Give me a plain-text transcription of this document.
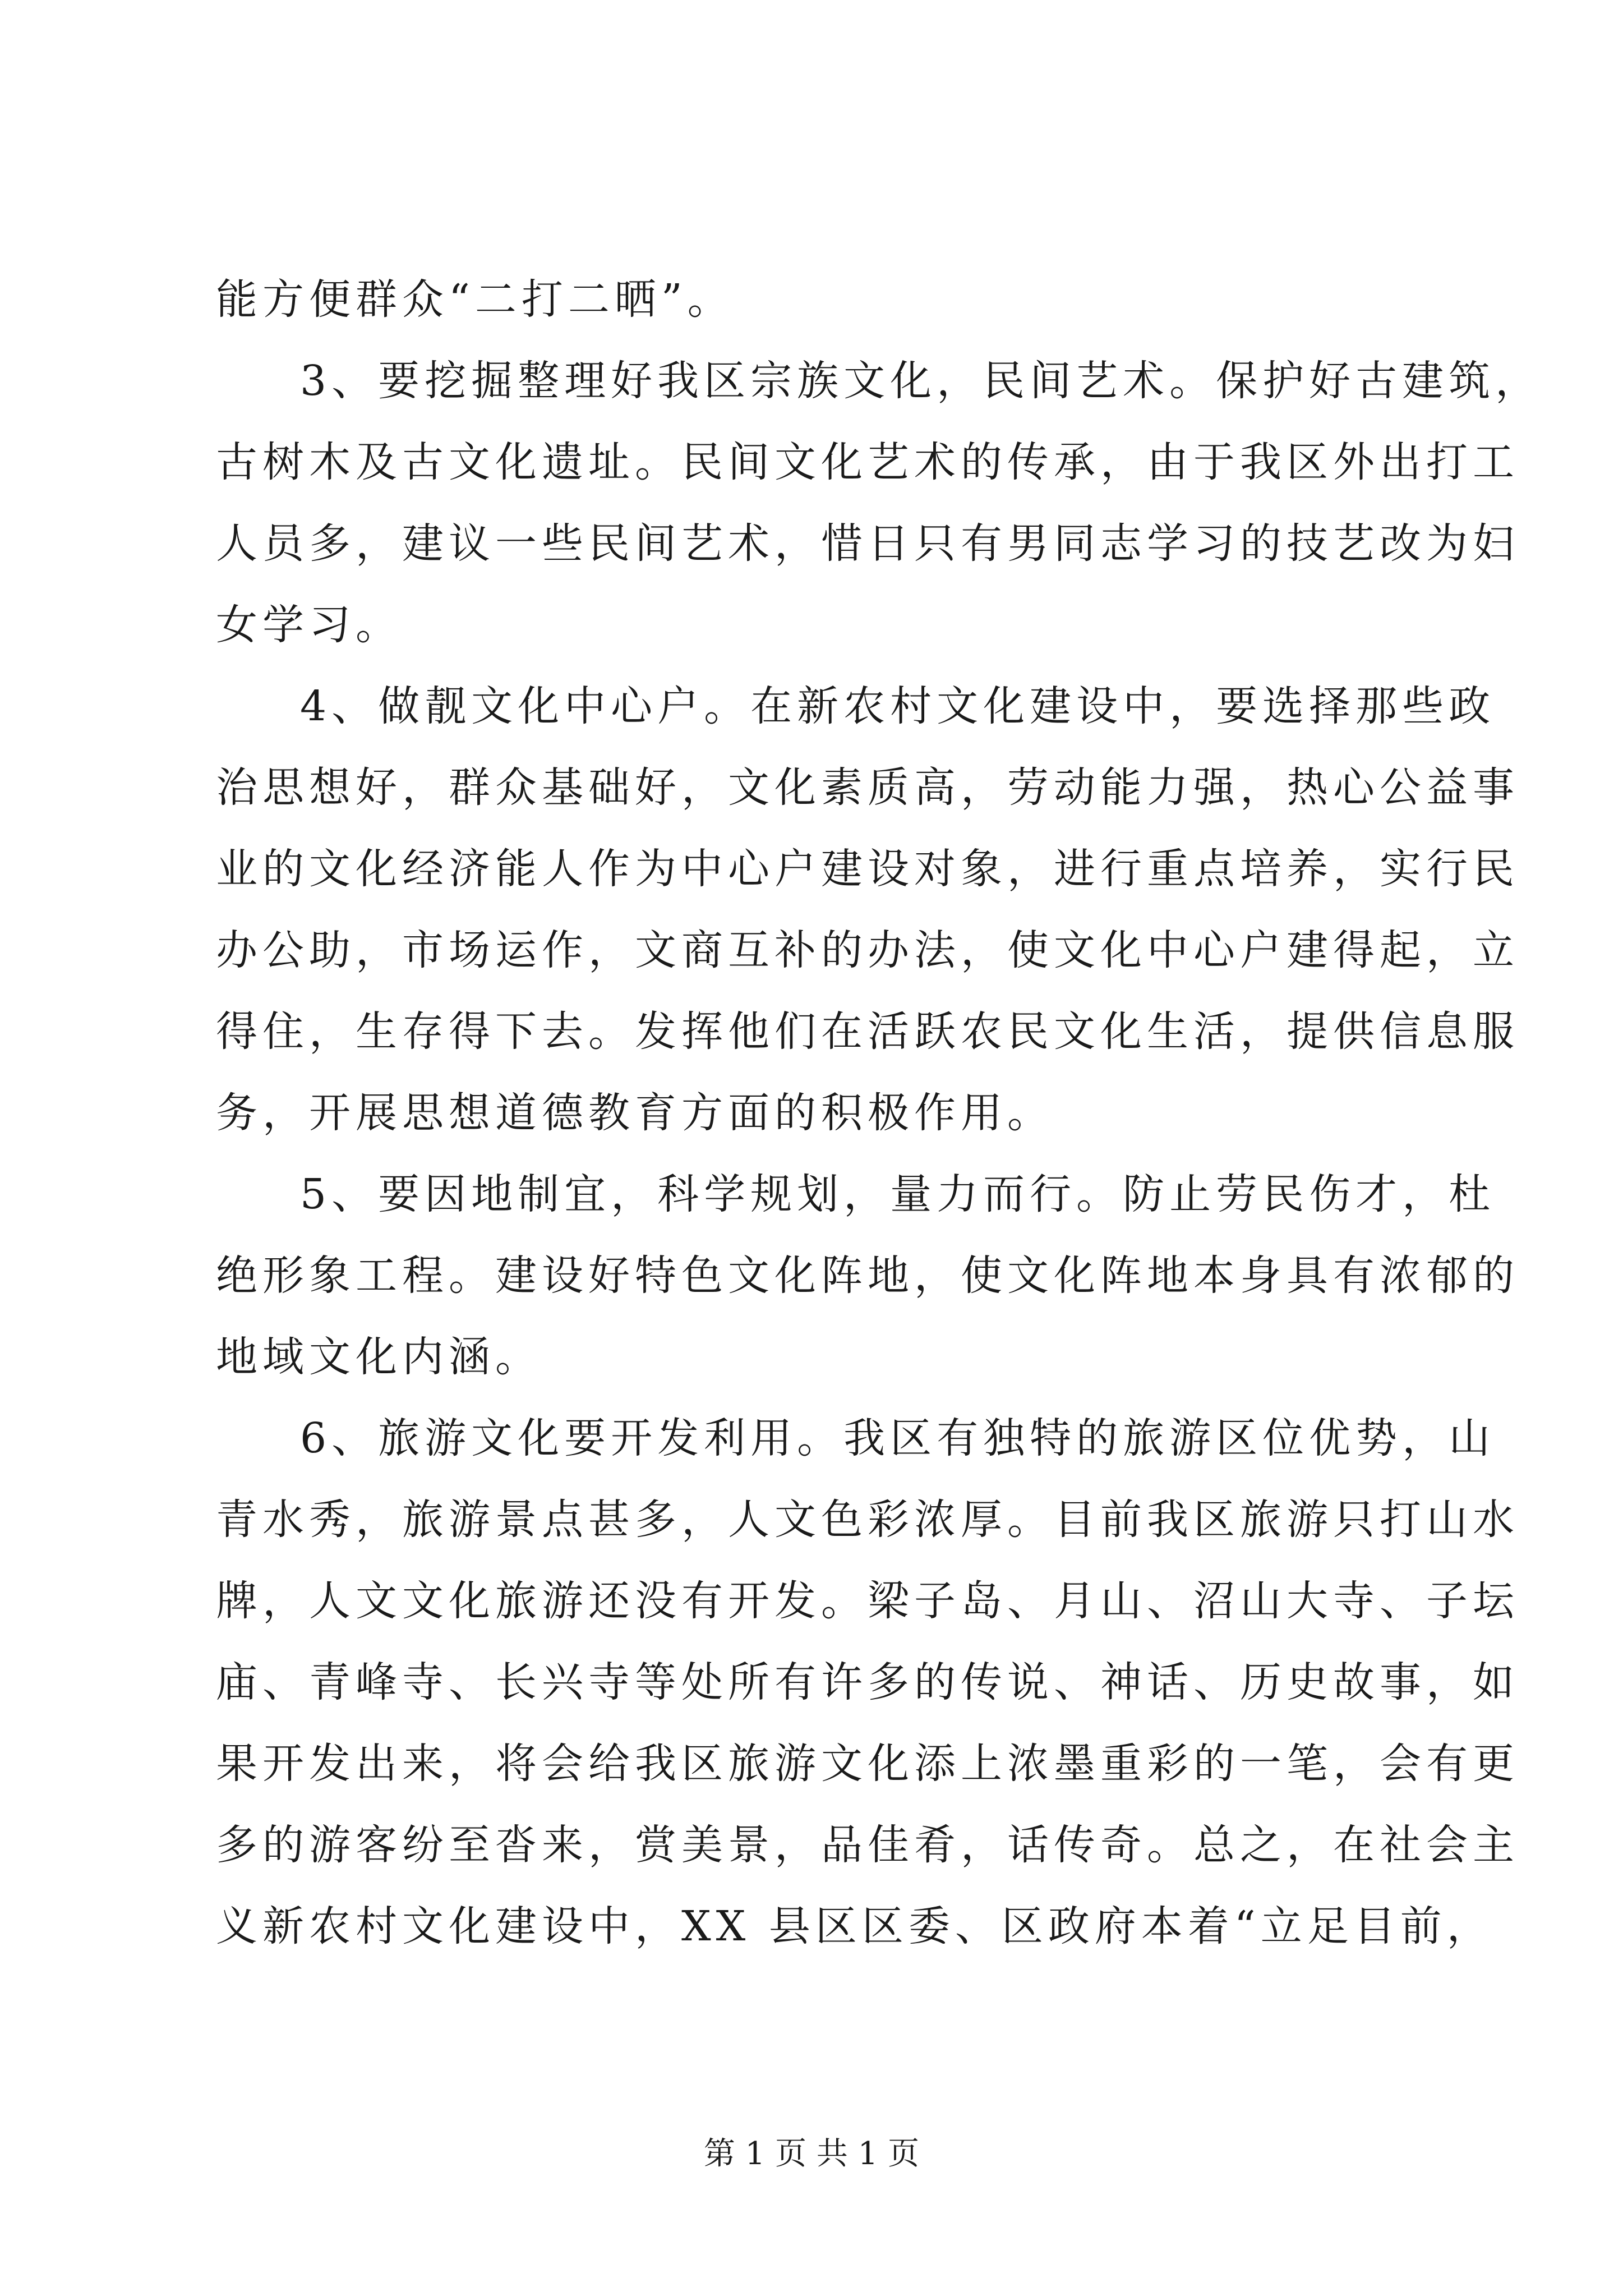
能方便群众“二打二晒”。
3、要挖掘整理好我区宗族文化，民间艺术。保护好古建筑，
古树木及古文化遗址。民间文化艺术的传承，由于我区外出打工
人员多，建议一些民间艺术，惜日只有男同志学习的技艺改为妇
女学习。
4、做靓文化中心户。在新农村文化建设中，要选择那些政
治思想好，群众基础好，文化素质高，劳动能力强，热心公益事
业的文化经济能人作为中心户建设对象，进行重点培养，实行民
办公助，市场运作，文商互补的办法，使文化中心户建得起，立
得住，生存得下去。发挥他们在活跃农民文化生活，提供信息服
务，开展思想道德教育方面的积极作用。
5、要因地制宜，科学规划，量力而行。防止劳民伤才，杜
绝形象工程。建设好特色文化阵地，使文化阵地本身具有浓郁的
地域文化内涵。
6、旅游文化要开发利用。我区有独特的旅游区位优势，山
青水秀，旅游景点甚多，人文色彩浓厚。目前我区旅游只打山水
牌，人文文化旅游还没有开发。梁子岛、月山、沼山大寺、子坛
庙、青峰寺、长兴寺等处所有许多的传说、神话、历史故事，如
果开发出来，将会给我区旅游文化添上浓墨重彩的一笔，会有更
多的游客纷至沓来，赏美景，品佳肴，话传奇。总之，在社会主
义新农村文化建设中，XX 县区区委、区政府本着“立足目前，
第 1 页 共 1 页
